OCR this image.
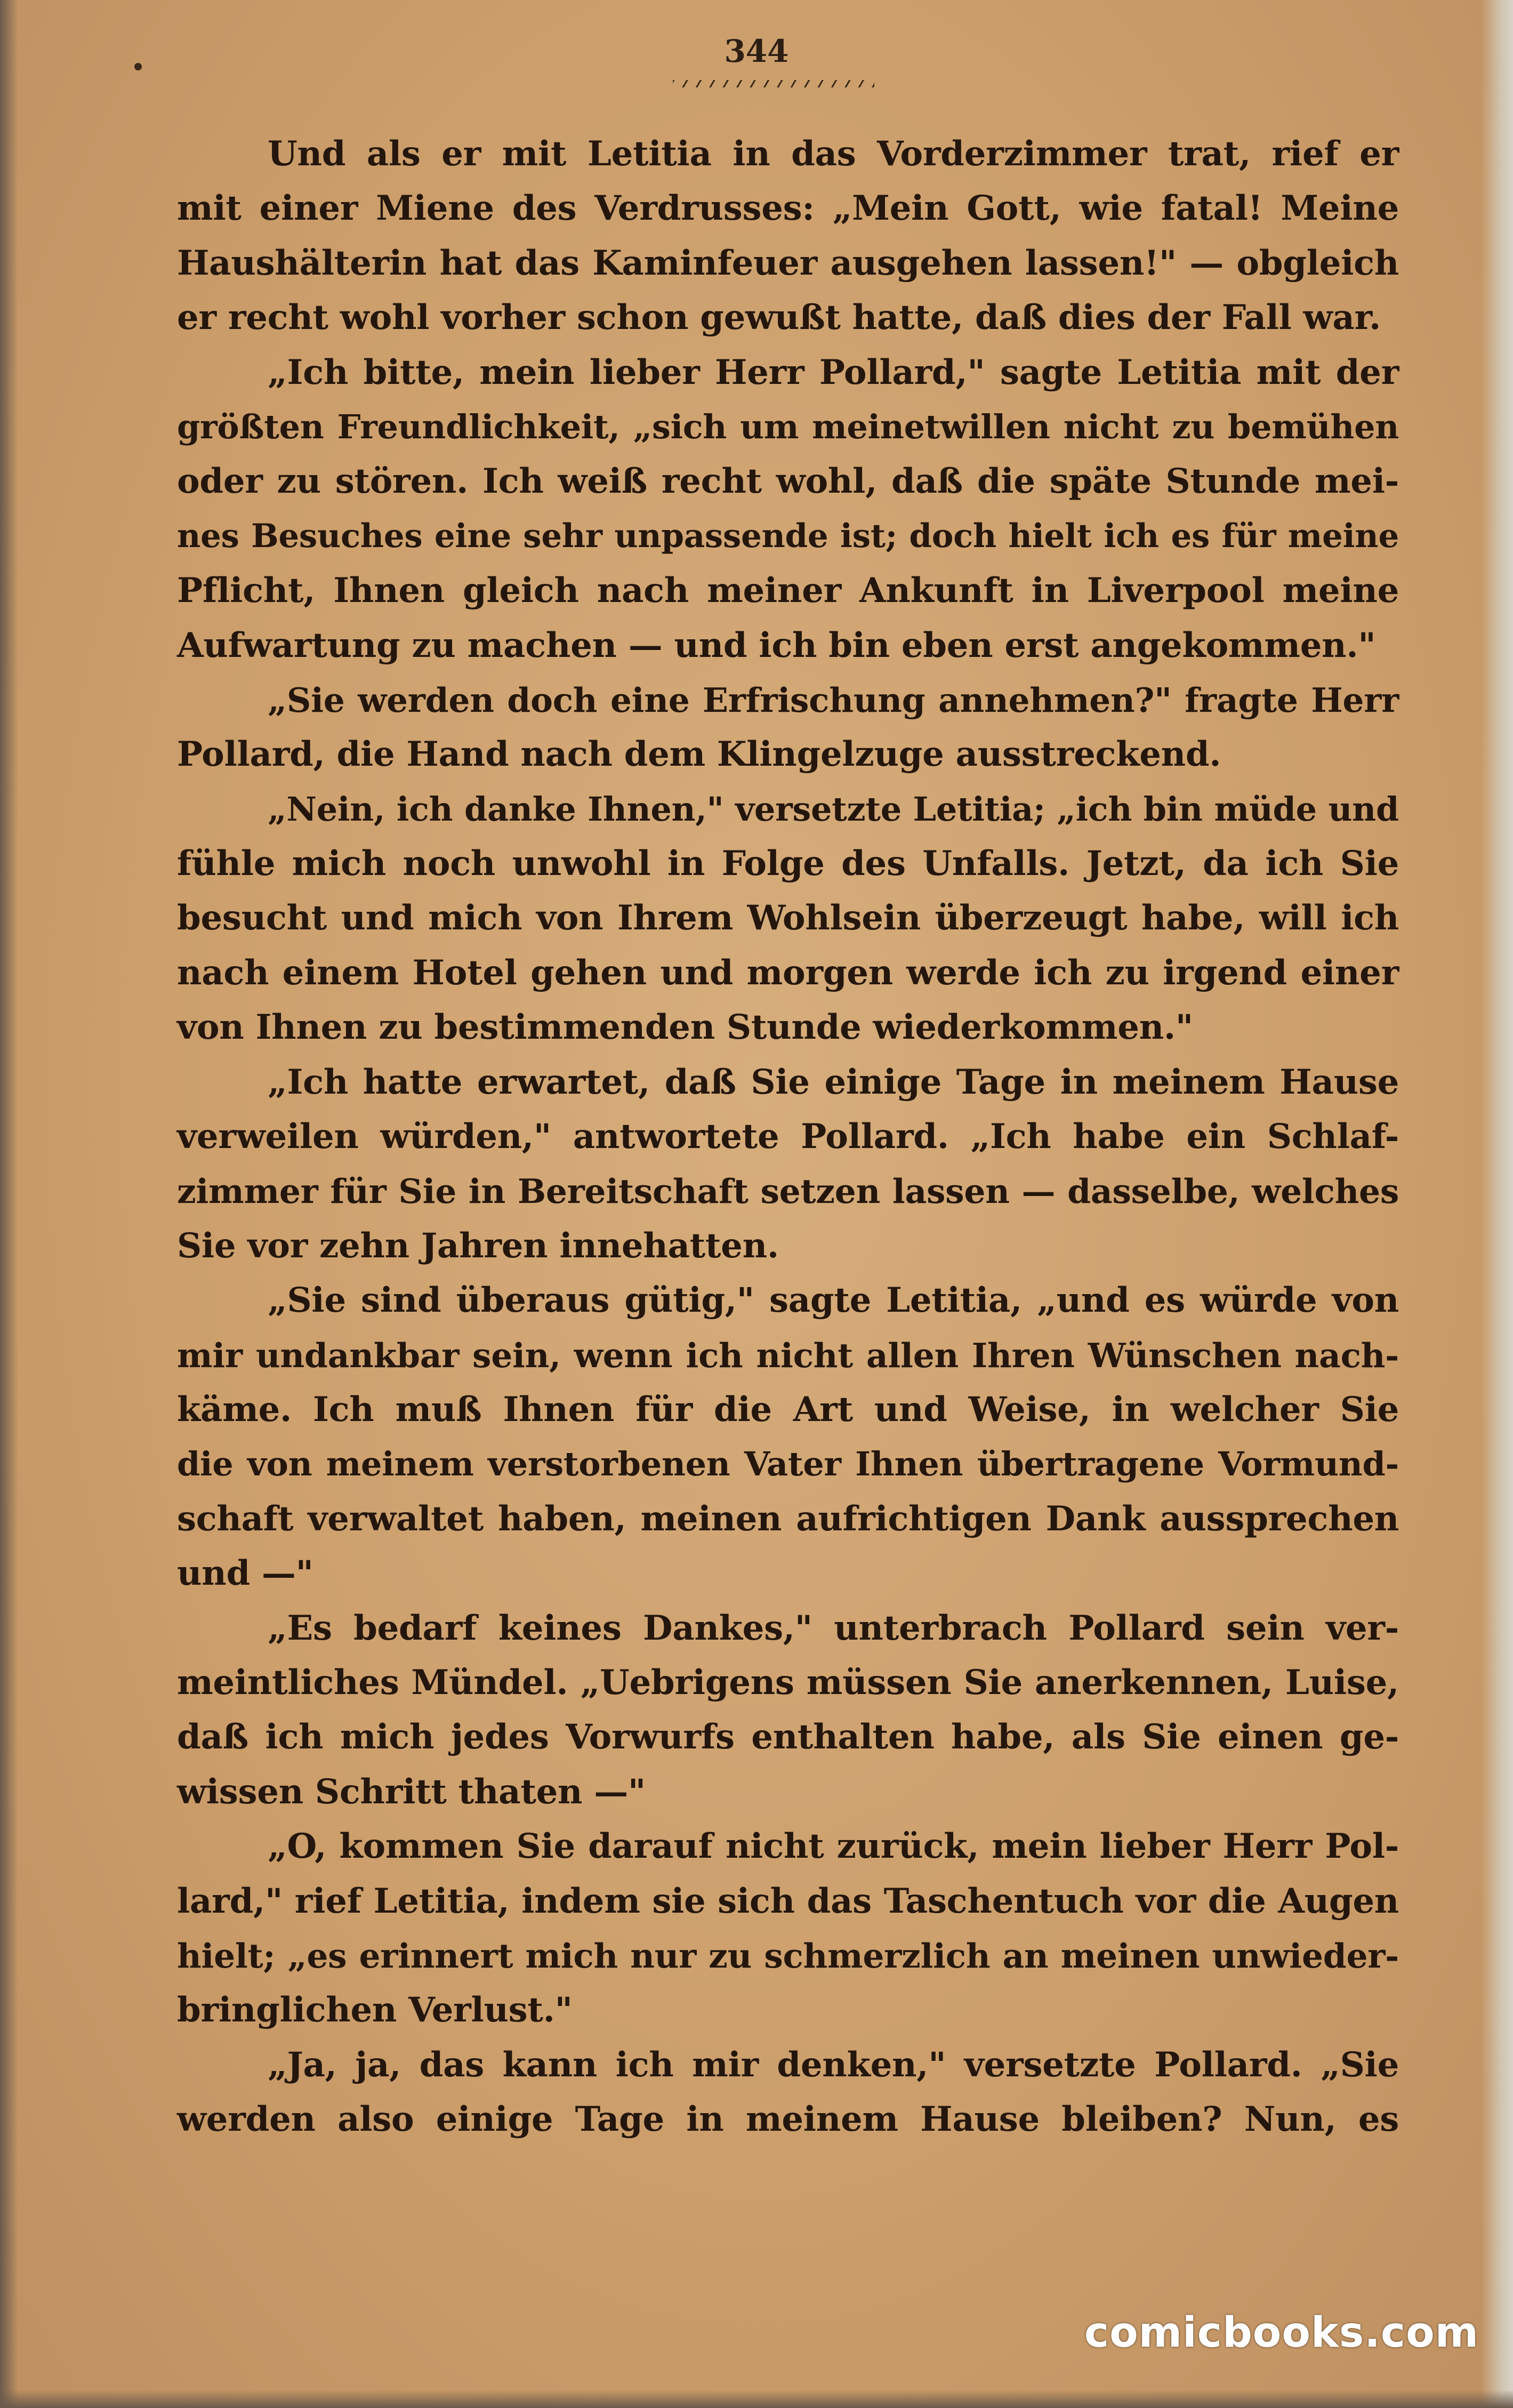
344
Und als er mit Letitia in das Vorderzimmer trat, rief er
mit einer Miene des Verdrusses: „Mein Gott, wie fatal! Meine
Haushälterin hat das Kaminfeuer ausgehen lassen!" — obgleich
er recht wohl vorher schon gewußt hatte, daß dies der Fall war.
„Ich bitte, mein lieber Herr Pollard," sagte Letitia mit der
größten Freundlichkeit, „sich um meinetwillen nicht zu bemühen
oder zu stören. Ich weiß recht wohl, daß die späte Stunde mei-
nes Besuches eine sehr unpassende ist; doch hielt ich es für meine
Pflicht, Ihnen gleich nach meiner Ankunft in Liverpool meine
Aufwartung zu machen — und ich bin eben erst angekommen."
„Sie werden doch eine Erfrischung annehmen?" fragte Herr
Pollard, die Hand nach dem Klingelzuge ausstreckend.
„Nein, ich danke Ihnen," versetzte Letitia; „ich bin müde und
fühle mich noch unwohl in Folge des Unfalls. Jetzt, da ich Sie
besucht und mich von Ihrem Wohlsein überzeugt habe, will ich
nach einem Hotel gehen und morgen werde ich zu irgend einer
von Ihnen zu bestimmenden Stunde wiederkommen."
„Ich hatte erwartet, daß Sie einige Tage in meinem Hause
verweilen würden," antwortete Pollard. „Ich habe ein Schlaf-
zimmer für Sie in Bereitschaft setzen lassen — dasselbe, welches
Sie vor zehn Jahren innehatten.
„Sie sind überaus gütig," sagte Letitia, „und es würde von
mir undankbar sein, wenn ich nicht allen Ihren Wünschen nach-
käme. Ich muß Ihnen für die Art und Weise, in welcher Sie
die von meinem verstorbenen Vater Ihnen übertragene Vormund-
schaft verwaltet haben, meinen aufrichtigen Dank aussprechen
und —"
„Es bedarf keines Dankes," unterbrach Pollard sein ver-
meintliches Mündel. „Uebrigens müssen Sie anerkennen, Luise,
daß ich mich jedes Vorwurfs enthalten habe, als Sie einen ge-
wissen Schritt thaten —"
„O, kommen Sie darauf nicht zurück, mein lieber Herr Pol-
lard," rief Letitia, indem sie sich das Taschentuch vor die Augen
hielt; „es erinnert mich nur zu schmerzlich an meinen unwieder-
bringlichen Verlust."
„Ja, ja, das kann ich mir denken," versetzte Pollard. „Sie
werden also einige Tage in meinem Hause bleiben? Nun, es
comicbooks.com
